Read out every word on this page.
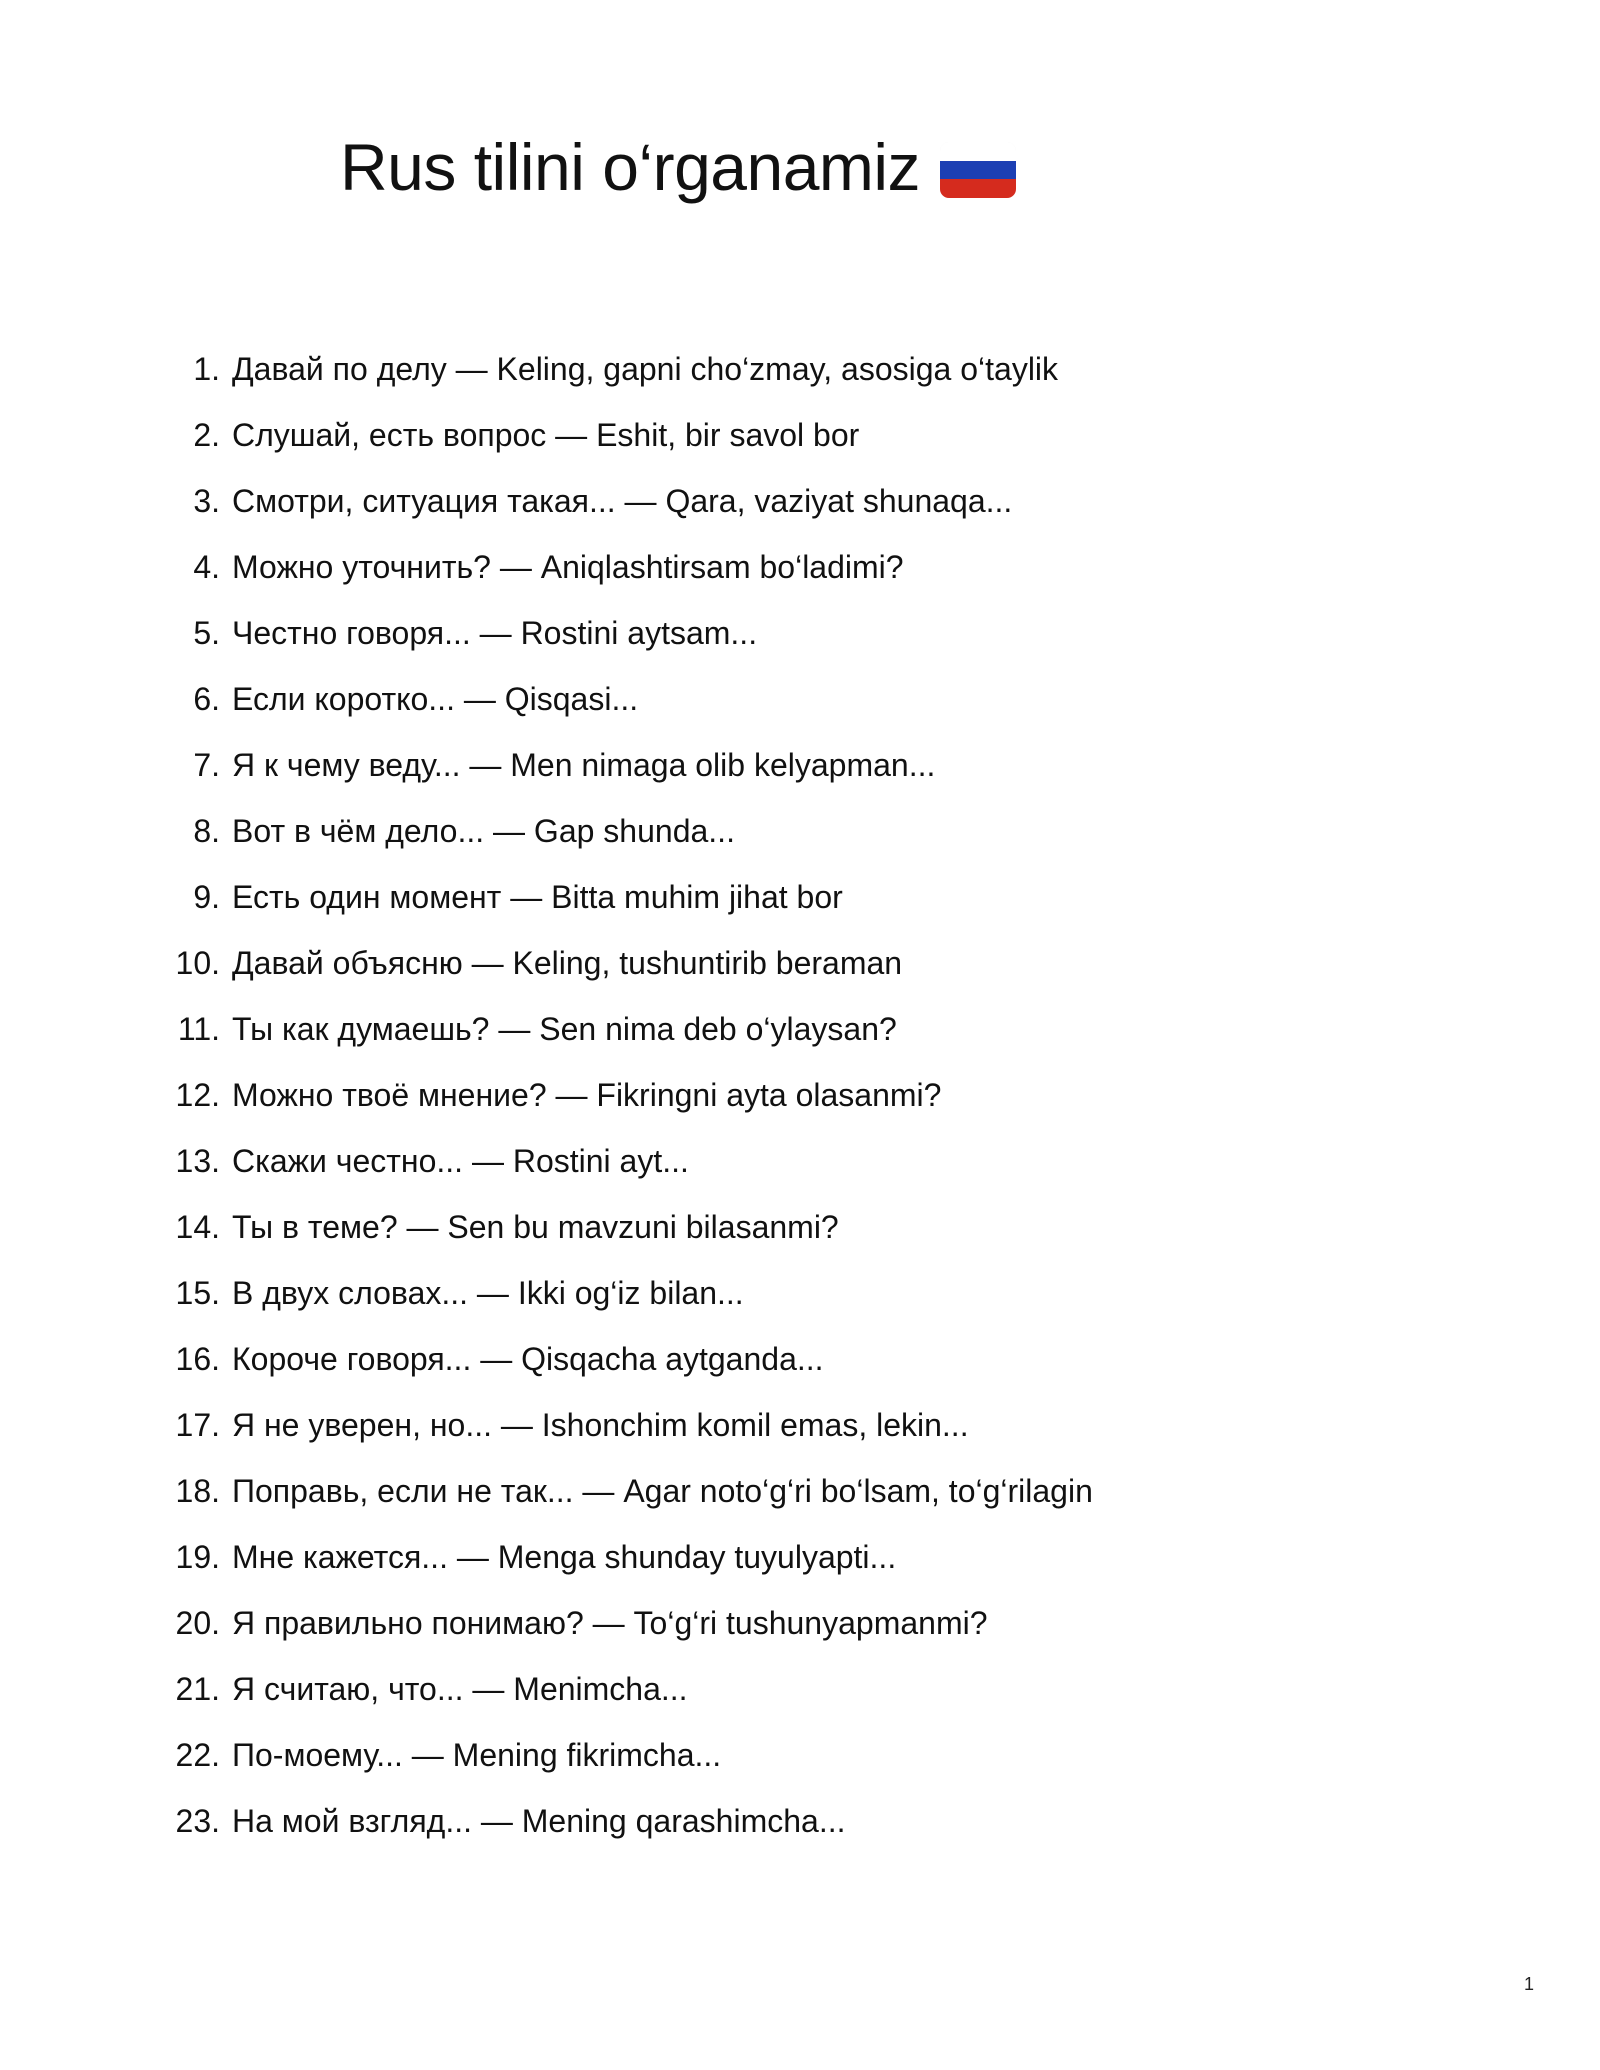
Rus tilini o‘rganamiz
1. Давай по делу — Keling, gapni cho‘zmay, asosiga o‘taylik
2. Слушай, есть вопрос — Eshit, bir savol bor
3. Смотри, ситуация такая... — Qara, vaziyat shunaqa...
4. Можно уточнить? — Aniqlashtirsam bo‘ladimi?
5. Честно говоря... — Rostini aytsam...
6. Если коротко... — Qisqasi...
7. Я к чему веду... — Men nimaga olib kelyapman...
8. Вот в чём дело... — Gap shunda...
9. Есть один момент — Bitta muhim jihat bor
10. Давай объясню — Keling, tushuntirib beraman
11. Ты как думаешь? — Sen nima deb o‘ylaysan?
12. Можно твоё мнение? — Fikringni ayta olasanmi?
13. Скажи честно... — Rostini ayt...
14. Ты в теме? — Sen bu mavzuni bilasanmi?
15. В двух словах... — Ikki og‘iz bilan...
16. Короче говоря... — Qisqacha aytganda...
17. Я не уверен, но... — Ishonchim komil emas, lekin...
18. Поправь, если не так... — Agar noto‘g‘ri bo‘lsam, to‘g‘rilagin
19. Мне кажется... — Menga shunday tuyulyapti...
20. Я правильно понимаю? — To‘g‘ri tushunyapmanmi?
21. Я считаю, что... — Menimcha...
22. По-моему... — Mening fikrimcha...
23. На мой взгляд... — Mening qarashimcha...
1
